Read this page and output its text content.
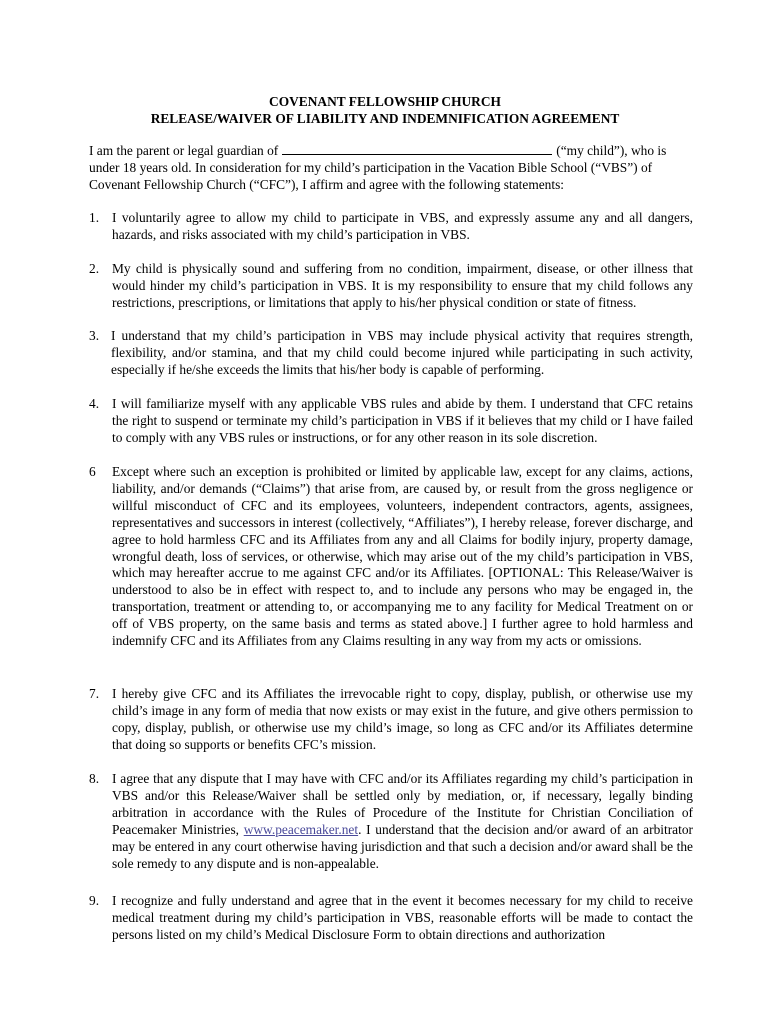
COVENANT FELLOWSHIP CHURCH
RELEASE/WAIVER OF LIABILITY AND INDEMNIFICATION AGREEMENT
I am the parent or legal guardian of	(“my child”), who is under 18 years old. In consideration for my child’s participation in the Vacation Bible School (“VBS”) of Covenant Fellowship Church (“CFC”), I affirm and agree with the following statements:
1. I voluntarily agree to allow my child to participate in VBS, and expressly assume any and all dangers, hazards, and risks associated with my child’s participation in VBS.
2. My child is physically sound and suffering from no condition, impairment, disease, or other illness that would hinder my child’s participation in VBS. It is my responsibility to ensure that my child follows any restrictions, prescriptions, or limitations that apply to his/her physical condition or state of fitness.
3. I understand that my child’s participation in VBS may include physical activity that requires strength, flexibility, and/or stamina, and that my child could become injured while participating in such activity, especially if he/she exceeds the limits that his/her body is capable of performing.
4. I will familiarize myself with any applicable VBS rules and abide by them. I understand that CFC retains the right to suspend or terminate my child’s participation in VBS if it believes that my child or I have failed to comply with any VBS rules or instructions, or for any other reason in its sole discretion.
6 Except where such an exception is prohibited or limited by applicable law, except for any claims, actions, liability, and/or demands (“Claims”) that arise from, are caused by, or result from the gross negligence or willful misconduct of CFC and its employees, volunteers, independent contractors, agents, assignees, representatives and successors in interest (collectively, “Affiliates”), I hereby release, forever discharge, and agree to hold harmless CFC and its Affiliates from any and all Claims for bodily injury, property damage, wrongful death, loss of services, or otherwise, which may arise out of the my child’s participation in VBS, which may hereafter accrue to me against CFC and/or its Affiliates. [OPTIONAL: This Release/Waiver is understood to also be in effect with respect to, and to include any persons who may be engaged in, the transportation, treatment or attending to, or accompanying me to any facility for Medical Treatment on or off of VBS property, on the same basis and terms as stated above.] I further agree to hold harmless and indemnify CFC and its Affiliates from any Claims resulting in any way from my acts or omissions.
7. I hereby give CFC and its Affiliates the irrevocable right to copy, display, publish, or otherwise use my child’s image in any form of media that now exists or may exist in the future, and give others permission to copy, display, publish, or otherwise use my child’s image, so long as CFC and/or its Affiliates determine that doing so supports or benefits CFC’s mission.
8. I agree that any dispute that I may have with CFC and/or its Affiliates regarding my child’s participation in VBS and/or this Release/Waiver shall be settled only by mediation, or, if necessary, legally binding arbitration in accordance with the Rules of Procedure of the Institute for Christian Conciliation of Peacemaker Ministries, www.peacemaker.net. I understand that the decision and/or award of an arbitrator may be entered in any court otherwise having jurisdiction and that such a decision and/or award shall be the sole remedy to any dispute and is non-appealable.
9. I recognize and fully understand and agree that in the event it becomes necessary for my child to receive medical treatment during my child’s participation in VBS, reasonable efforts will be made to contact the persons listed on my child’s Medical Disclosure Form to obtain directions and authorization
